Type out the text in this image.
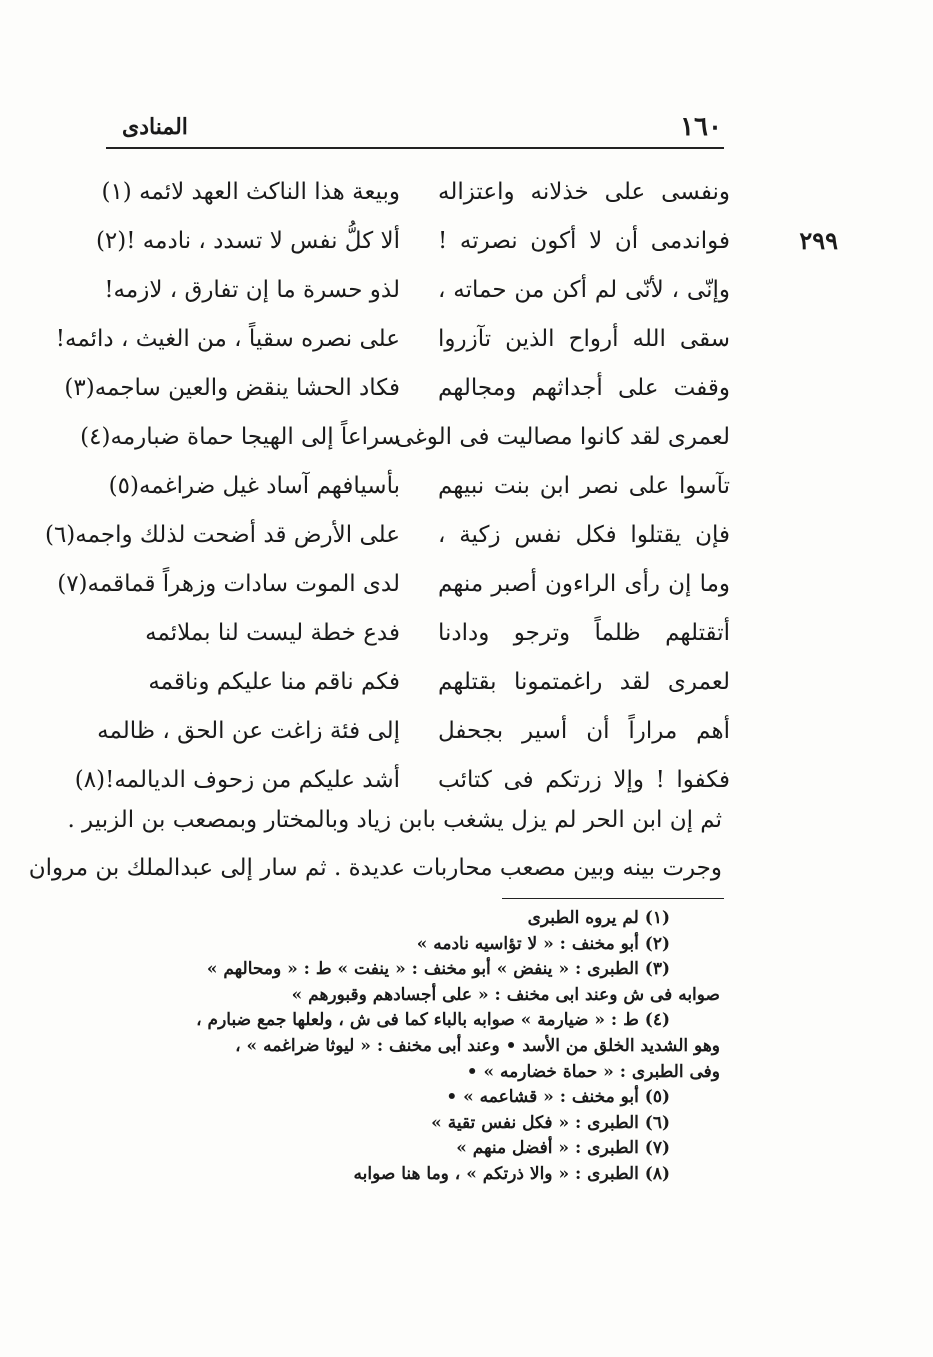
١٦٠
المنادى
٢٩٩
ونفسى على خذلانه واعتزاله
وبيعة هذا الناكث العهد لائمه (١)
فواندمى أن لا أكون نصرته !
ألا كلُّ نفس لا تسدد ، نادمه !(٢)
وإنّى ، لأنّى لم أكن من حماته ،
لذو حسرة ما إن تفارق ، لازمه!
سقى الله أرواح الذين تآزروا
على نصره سقياً ، من الغيث ، دائمه!
وقفت على أجداثهم ومجالهم
فكاد الحشا ينقض والعين ساجمه(٣)
لعمرى لقد كانوا مصاليت فى الوغى
سراعاً إلى الهيجا حماة ضبارمه(٤)
تآسوا على نصر ابن بنت نبيهم
بأسيافهم آساد غيل ضراغمه(٥)
فإن يقتلوا فكل نفس زكية ،
على الأرض قد أضحت لذلك واجمه(٦)
وما إن رأى الراءون أصبر منهم
لدى الموت سادات وزهراً قماقمه(٧)
أتقتلهم ظلماً وترجو ودادنا
فدع خطة ليست لنا بملائمه
لعمرى لقد راغمتمونا بقتلهم
فكم ناقم منا عليكم وناقمه
أهم مراراً أن أسير بجحفل
إلى فئة زاغت عن الحق ، ظالمه
فكفوا ! وإلا زرتكم فى كتائب
أشد عليكم من زحوف الديالمه!(٨)
ثم إن ابن الحر لم يزل يشغب بابن زياد وبالمختار وبمصعب بن الزبير .
وجرت بينه وبين مصعب محاربات عديدة . ثم سار إلى عبدالملك بن مروان
(١) لم يروه الطبرى
(٢) أبو مخنف : « لا تؤاسيه نادمه »
(٣) الطبرى : « ينفض » أبو مخنف : « ينفت » ط : « ومحالهم »
صوابه فى ش وعند ابى مخنف : « على أجسادهم وقبورهم »
(٤) ط : « ضيارمة » صوابه بالباء كما فى ش ، ولعلها جمع ضبارم ،
وهو الشديد الخلق من الأسد • وعند أبى مخنف : « ليوثا ضراغمه » ،
وفى الطبرى : « حماة خضارمه » •
(٥) أبو مخنف : « قشاعمه » •
(٦) الطبرى : « فكل نفس تقية »
(٧) الطبرى : « أفضل منهم »
(٨) الطبرى : « والا ذرتكم » ، وما هنا صوابه
